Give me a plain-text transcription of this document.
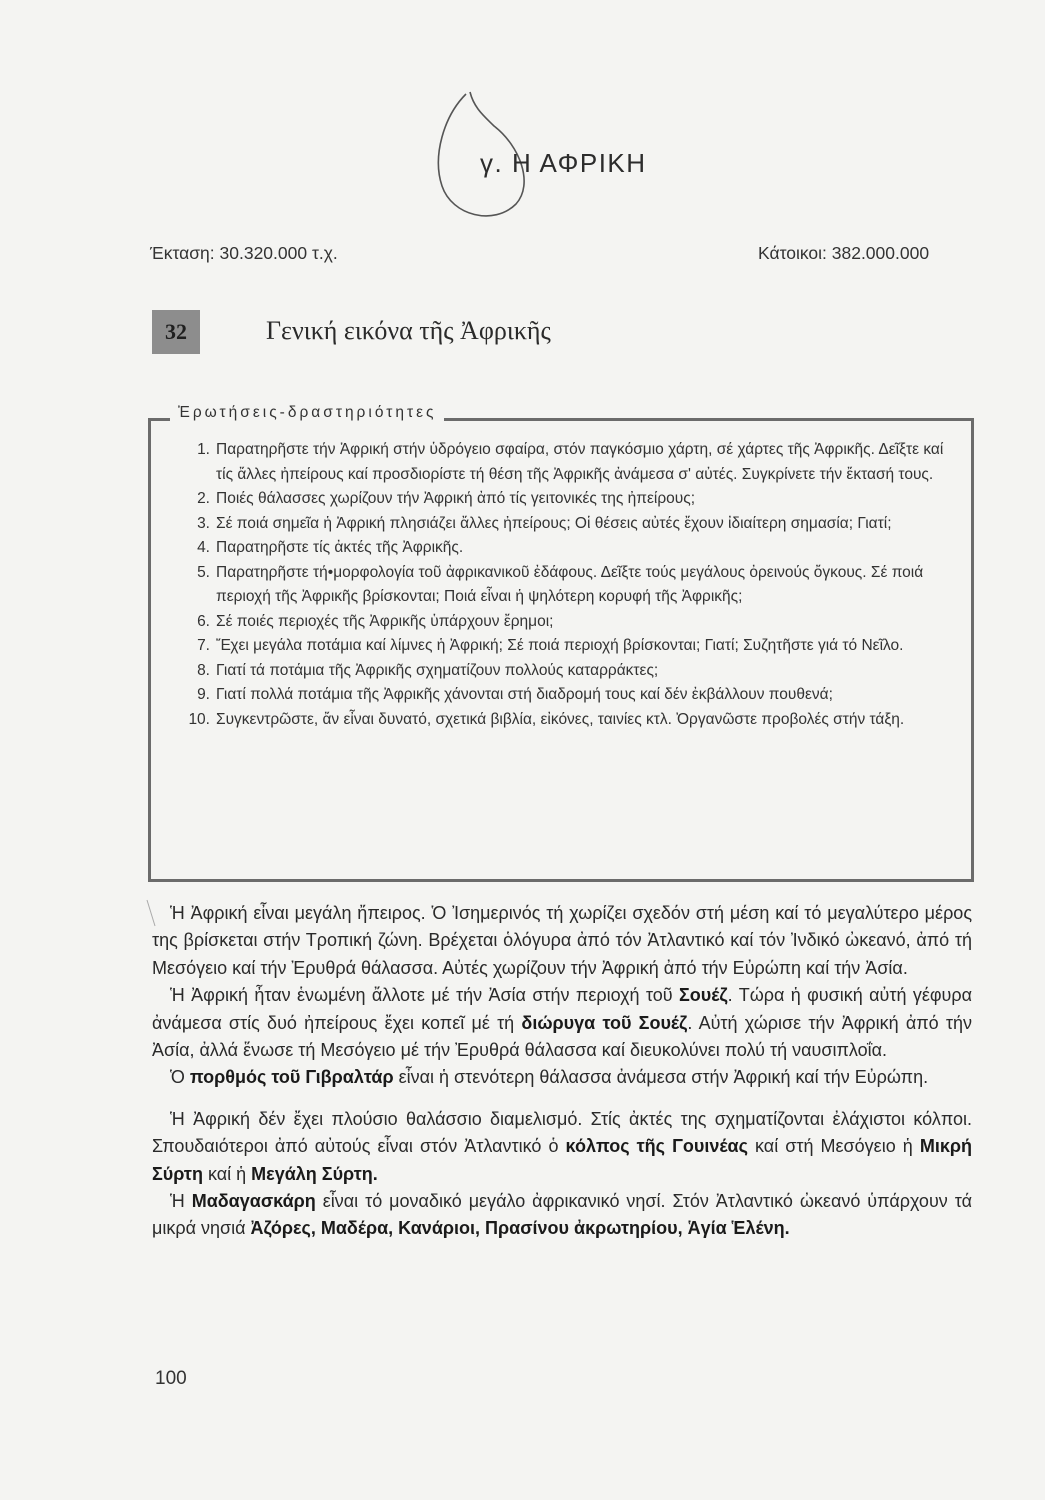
γ. Η ΑΦΡΙΚΗ
Έκταση: 30.320.000 τ.χ.	Κάτοικοι: 382.000.000
32	Γενική εικόνα τῆς Ἀφρικῆς
Ἐρωτήσεις-δραστηριότητες
1. Παρατηρῆστε τήν Ἀφρική στήν ὑδρόγειο σφαίρα, στόν παγκόσμιο χάρτη, σέ χάρτες τῆς Ἀφρικῆς. Δεῖξτε καί τίς ἄλλες ἠπείρους καί προσδιορίστε τή θέση τῆς Ἀφρικῆς ἀνάμεσα σ' αὐτές. Συγκρίνετε τήν ἔκτασή τους.
2. Ποιές θάλασσες χωρίζουν τήν Ἀφρική ἀπό τίς γειτονικές της ἠπείρους;
3. Σέ ποιά σημεῖα ἡ Ἀφρική πλησιάζει ἄλλες ἠπείρους; Οἱ θέσεις αὐτές ἔχουν ἰδιαίτερη σημασία; Γιατί;
4. Παρατηρῆστε τίς ἀκτές τῆς Ἀφρικῆς.
5. Παρατηρῆστε τή•μορφολογία τοῦ ἀφρικανικοῦ ἐδάφους. Δεῖξτε τούς μεγάλους ὀρεινούς ὄγκους. Σέ ποιά περιοχή τῆς Ἀφρικῆς βρίσκονται; Ποιά εἶναι ἡ ψηλότερη κορυφή τῆς Ἀφρικῆς;
6. Σέ ποιές περιοχές τῆς Ἀφρικῆς ὑπάρχουν ἔρημοι;
7. Ἔχει μεγάλα ποτάμια καί λίμνες ἡ Ἀφρική; Σέ ποιά περιοχή βρίσκονται; Γιατί; Συζητῆστε γιά τό Νεῖλο.
8. Γιατί τά ποτάμια τῆς Ἀφρικῆς σχηματίζουν πολλούς καταρράκτες;
9. Γιατί πολλά ποτάμια τῆς Ἀφρικῆς χάνονται στή διαδρομή τους καί δέν ἐκβάλλουν πουθενά;
10. Συγκεντρῶστε, ἄν εἶναι δυνατό, σχετικά βιβλία, εἰκόνες, ταινίες κτλ. Ὀργανῶστε προβολές στήν τάξη.

Ἡ Ἀφρική εἶναι μεγάλη ἤπειρος. Ὁ Ἰσημερινός τή χωρίζει σχεδόν στή μέση καί τό μεγαλύτερο μέρος της βρίσκεται στήν Τροπική ζώνη. Βρέχεται ὁλόγυρα ἀπό τόν Ἀτλαντικό καί τόν Ἰνδικό ὠκεανό, ἀπό τή Μεσόγειο καί τήν Ἐρυθρά θάλασσα. Αὐτές χωρίζουν τήν Ἀφρική ἀπό τήν Εὐρώπη καί τήν Ἀσία.

Ἡ Ἀφρική ἦταν ἑνωμένη ἄλλοτε μέ τήν Ἀσία στήν περιοχή τοῦ Σουέζ. Τώρα ἡ φυσική αὐτή γέφυρα ἀνάμεσα στίς δυό ἠπείρους ἔχει κοπεῖ μέ τή διώρυγα τοῦ Σουέζ. Αὐτή χώρισε τήν Ἀφρική ἀπό τήν Ἀσία, ἀλλά ἕνωσε τή Μεσόγειο μέ τήν Ἐρυθρά θάλασσα καί διευκολύνει πολύ τή ναυσιπλοΐα.

Ὁ πορθμός τοῦ Γιβραλτάρ εἶναι ἡ στενότερη θάλασσα ἀνάμεσα στήν Ἀφρική καί τήν Εὐρώπη.

Ἡ Ἀφρική δέν ἔχει πλούσιο θαλάσσιο διαμελισμό. Στίς ἀκτές της σχηματίζονται ἐλάχιστοι κόλποι. Σπουδαιότεροι ἀπό αὐτούς εἶναι στόν Ἀτλαντικό ὁ κόλπος τῆς Γουινέας καί στή Μεσόγειο ἡ Μικρή Σύρτη καί ἡ Μεγάλη Σύρτη.

Ἡ Μαδαγασκάρη εἶναι τό μοναδικό μεγάλο ἀφρικανικό νησί. Στόν Ἀτλαντικό ὠκεανό ὑπάρχουν τά μικρά νησιά Ἀζόρες, Μαδέρα, Κανάριοι, Πρασίνου ἀκρωτηρίου, Ἁγία Ἑλένη.

100
